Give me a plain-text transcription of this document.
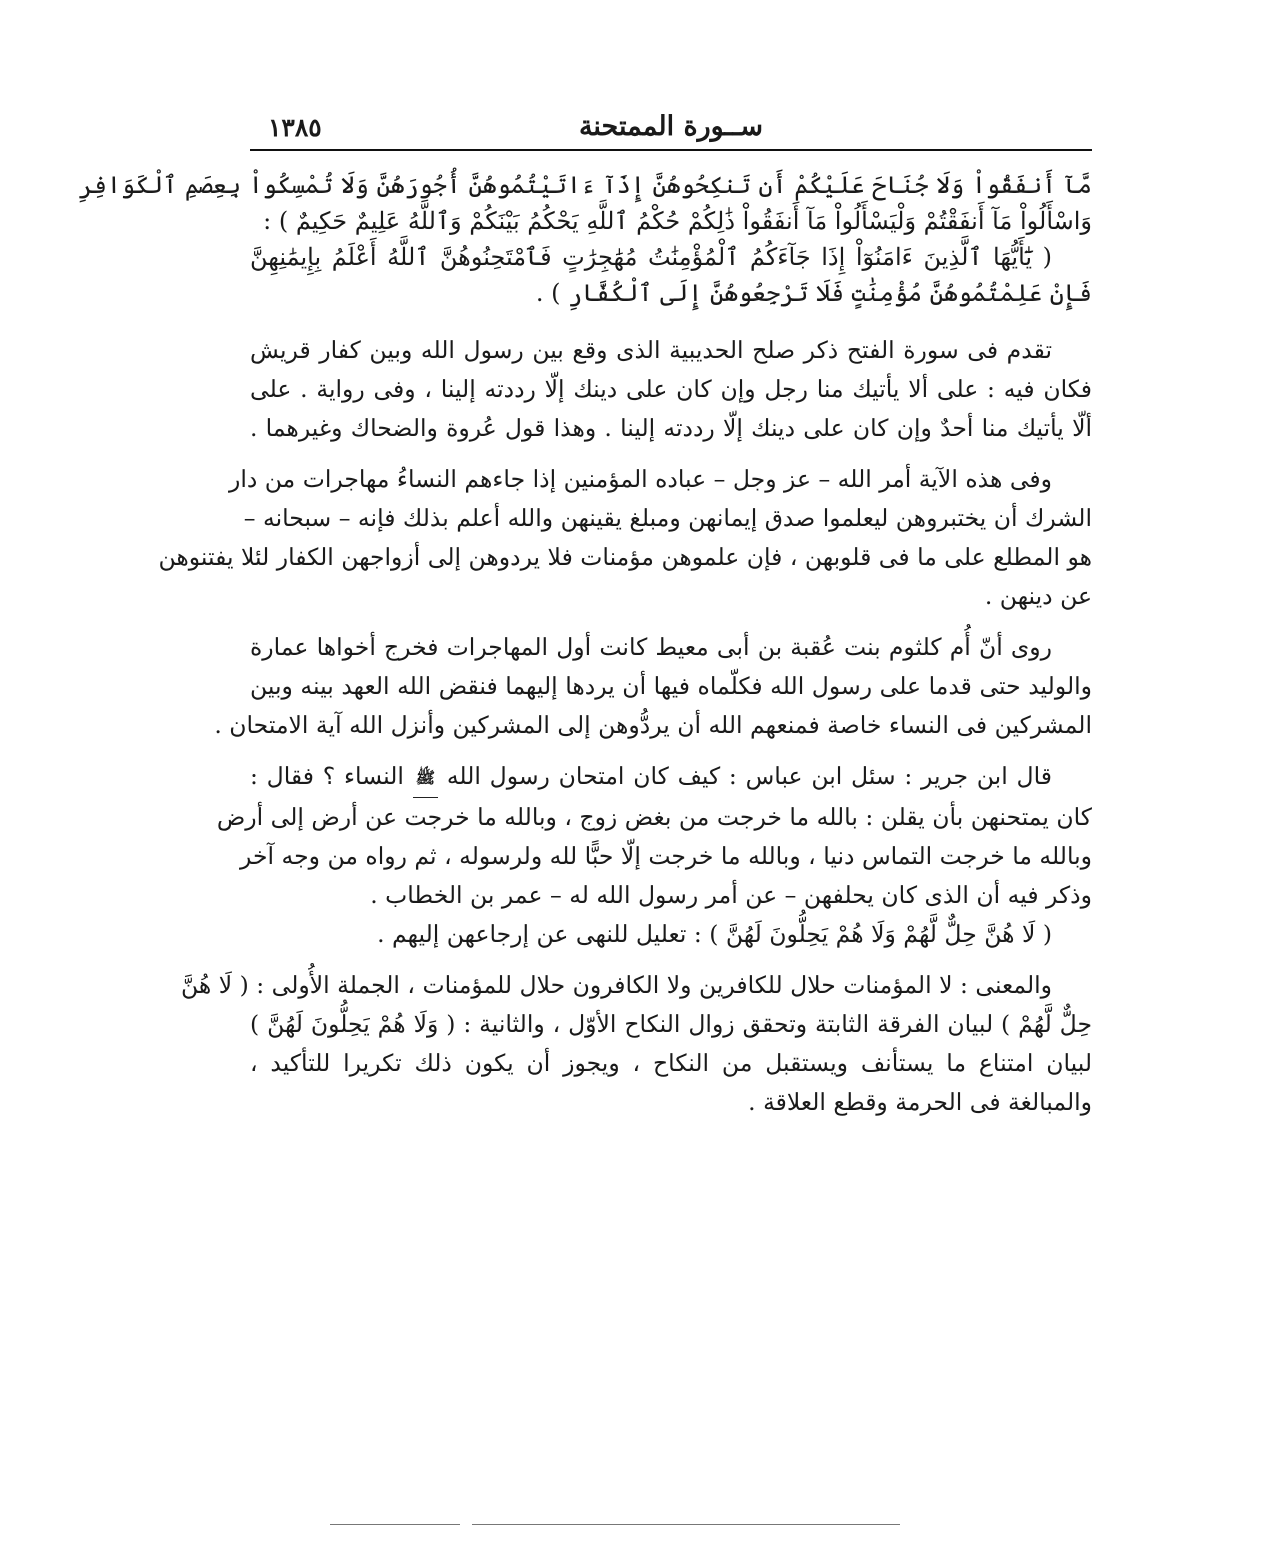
ســورة الممتحنة
١٣٨٥
مَّآ أَنفَقُواْ وَلَا جُنَاحَ عَلَيْكُمْ أَن تَنكِحُوهُنَّ إِذَآ ءَاتَيْتُمُوهُنَّ أُجُورَهُنَّ وَلَا تُمْسِكُواْ بِعِصَمِ ٱلْكَوَافِرِ
وَاسْأَلُواْ مَآ أَنفَقْتُمْ وَلْيَسْأَلُواْ مَآ أَنفَقُواْ ذَٰلِكُمْ حُكْمُ ٱللَّهِ يَحْكُمُ بَيْنَكُمْ وَٱللَّهُ عَلِيمٌ حَكِيمٌ ) :
( يَٰٓأَيُّهَا ٱلَّذِينَ ءَامَنُوٓاْ إِذَا جَآءَكُمُ ٱلْمُؤْمِنَٰتُ مُهَٰجِرَٰتٍ فَٱمْتَحِنُوهُنَّ ٱللَّهُ أَعْلَمُ بِإِيمَٰنِهِنَّ
فَإِنْ عَلِمْتُمُوهُنَّ مُؤْمِنَٰتٍ فَلَا تَرْجِعُوهُنَّ إِلَى ٱلْكُفَّارِ ) .
تقدم فى سورة الفتح ذكر صلح الحديبية الذى وقع بين رسول الله وبين كفار قريش
فكان فيه : على ألا يأتيك منا رجل وإن كان على دينك إلّا رددته إلينا ، وفى رواية . على
ألّا يأتيك منا أحدٌ وإن كان على دينك إلّا رددته إلينا . وهذا قول عُروة والضحاك وغيرهما .
وفى هذه الآية أمر الله – عز وجل – عباده المؤمنين إذا جاءهم النساءُ مهاجرات من دار
الشرك أن يختبروهن ليعلموا صدق إيمانهن ومبلغ يقينهن والله أعلم بذلك فإنه – سبحانه –
هو المطلع على ما فى قلوبهن ، فإن علموهن مؤمنات فلا يردوهن إلى أزواجهن الكفار لئلا يفتنوهن
عن دينهن .
روى أنّ أُم كلثوم بنت عُقبة بن أبى معيط كانت أول المهاجرات فخرج أخواها عمارة
والوليد حتى قدما على رسول الله فكلّماه فيها أن يردها إليهما فنقض الله العهد بينه وبين
المشركين فى النساء خاصة فمنعهم الله أن يردُّوهن إلى المشركين وأنزل الله آية الامتحان .
قال ابن جرير : سئل ابن عباس : كيف كان امتحان رسول الله ﷺ النساء ؟ فقال :
كان يمتحنهن بأن يقلن : بالله ما خرجت من بغض زوج ، وبالله ما خرجت عن أرض إلى أرض
وبالله ما خرجت التماس دنيا ، وبالله ما خرجت إلّا حبًّا لله ولرسوله ، ثم رواه من وجه آخر
وذكر فيه أن الذى كان يحلفهن – عن أمر رسول الله له – عمر بن الخطاب .
( لَا هُنَّ حِلٌّ لَّهُمْ وَلَا هُمْ يَحِلُّونَ لَهُنَّ ) : تعليل للنهى عن إرجاعهن إليهم .
والمعنى : لا المؤمنات حلال للكافرين ولا الكافرون حلال للمؤمنات ، الجملة الأُولى : ( لَا هُنَّ
حِلٌّ لَّهُمْ ) لبيان الفرقة الثابتة وتحقق زوال النكاح الأوّل ، والثانية : ( وَلَا هُمْ يَحِلُّونَ لَهُنَّ )
لبيان امتناع ما يستأنف ويستقبل من النكاح ، ويجوز أن يكون ذلك تكريرا للتأكيد ،
والمبالغة فى الحرمة وقطع العلاقة .
